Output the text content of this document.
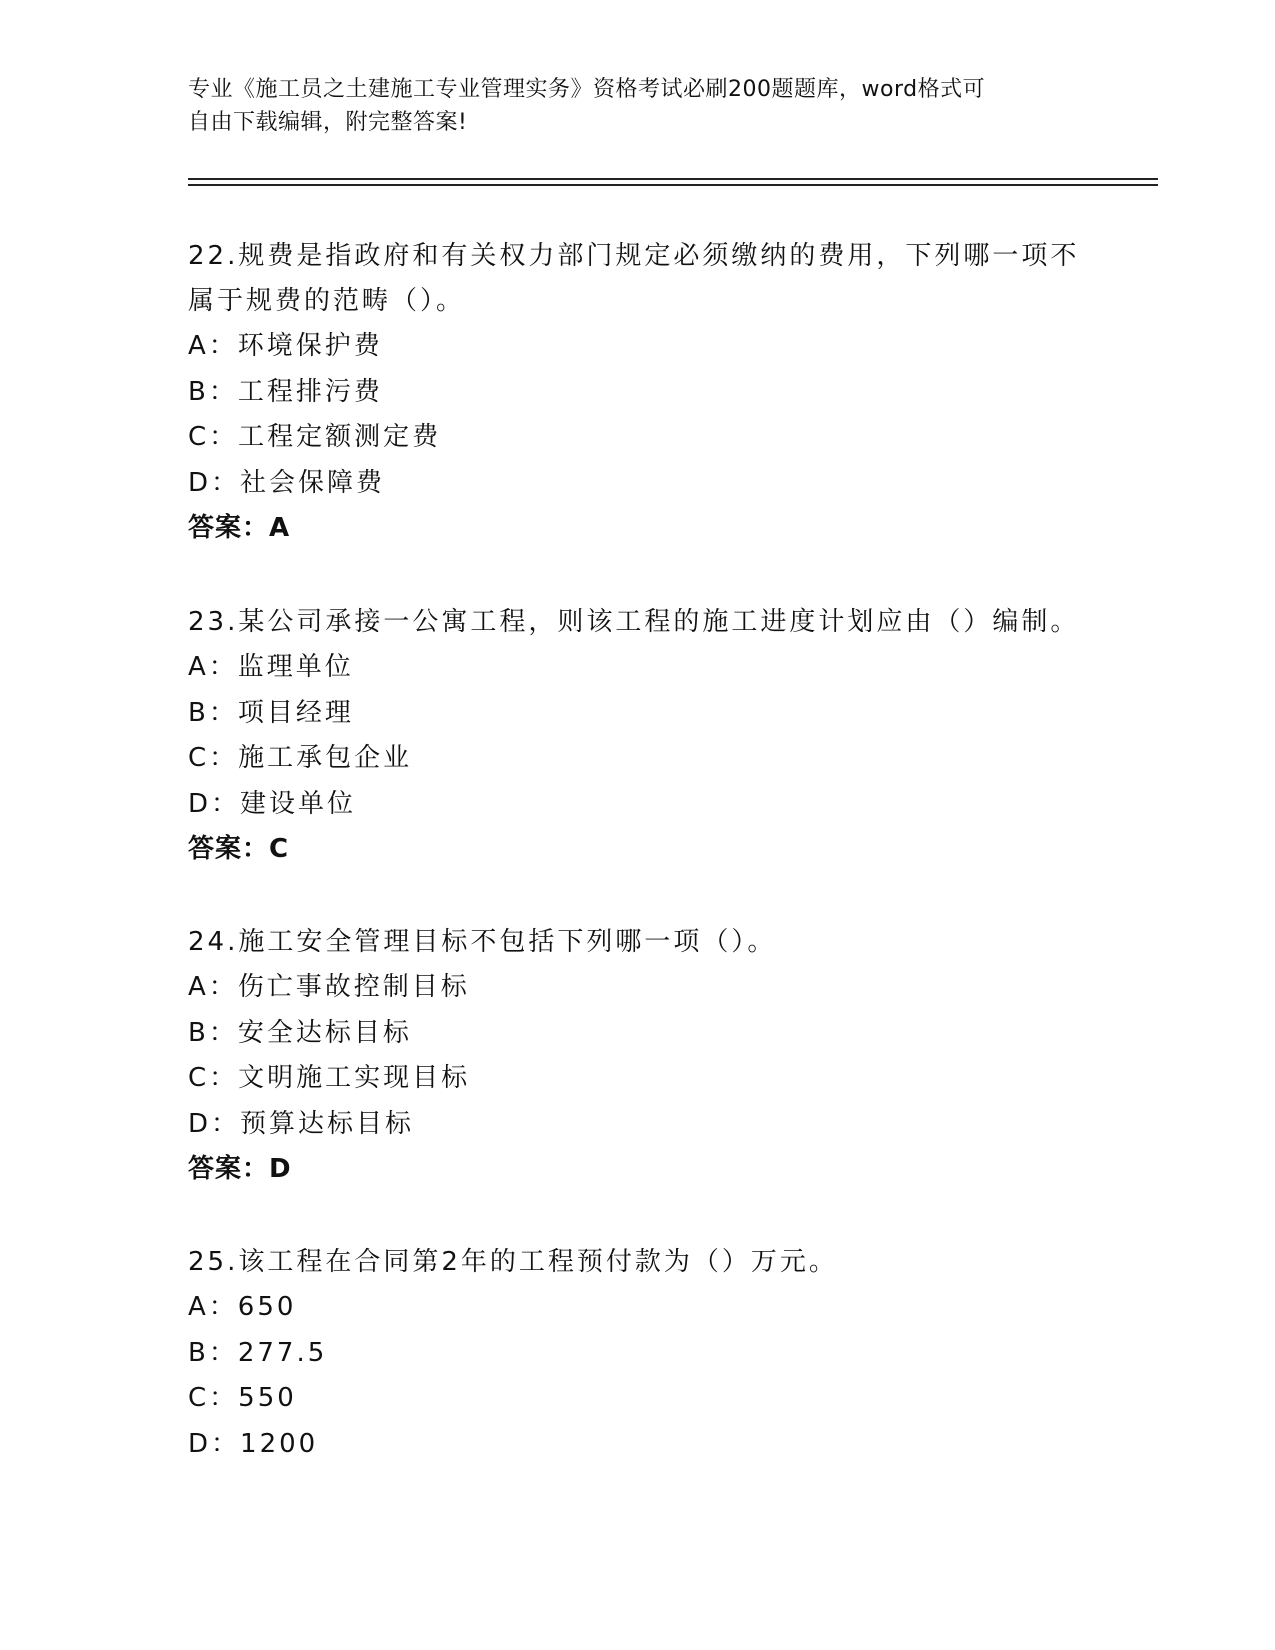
专业《施工员之土建施工专业管理实务》资格考试必刷200题题库，word格式可
自由下载编辑，附完整答案!
22.规费是指政府和有关权力部门规定必须缴纳的费用，下列哪一项不
属于规费的范畴（）。
A：环境保护费
B：工程排污费
C：工程定额测定费
D：社会保障费
答案：A
23.某公司承接一公寓工程，则该工程的施工进度计划应由（）编制。
A：监理单位
B：项目经理
C：施工承包企业
D：建设单位
答案：C
24.施工安全管理目标不包括下列哪一项（）。
A：伤亡事故控制目标
B：安全达标目标
C：文明施工实现目标
D：预算达标目标
答案：D
25.该工程在合同第2年的工程预付款为（）万元。
A：650
B：277.5
C：550
D：1200
